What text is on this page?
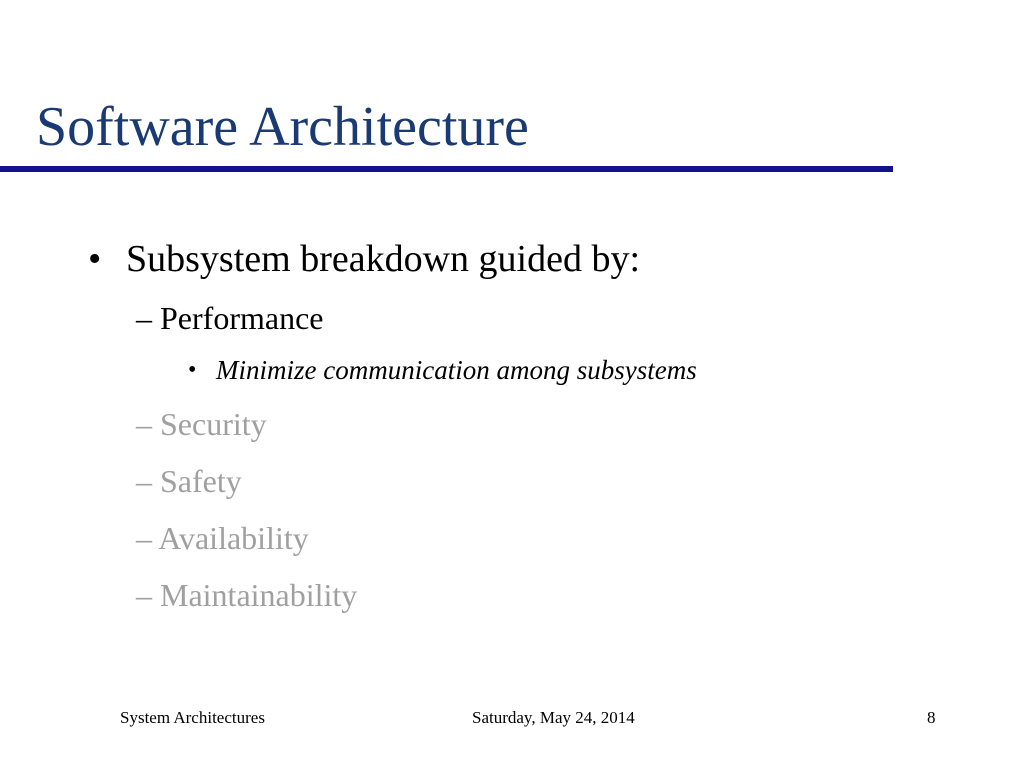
Software Architecture
• Subsystem breakdown guided by:
– Performance
• Minimize communication among subsystems
– Security
– Safety
– Availability
– Maintainability
System Architectures	Saturday, May 24, 2014	8
